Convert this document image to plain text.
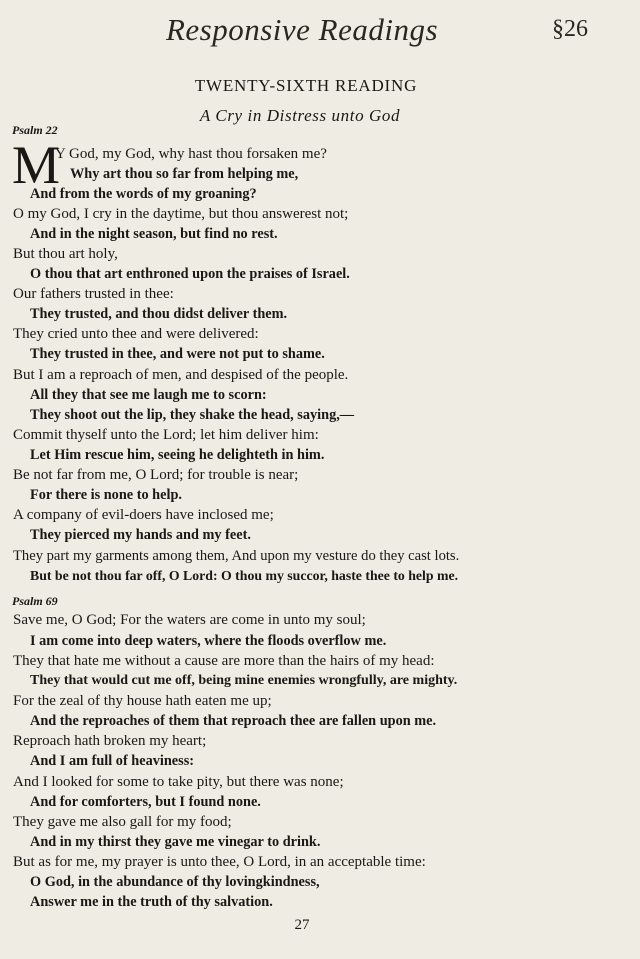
Responsive Readings	§26
TWENTY-SIXTH READING
A Cry in Distress unto God
Psalm 22
M
Y God, my God, why hast thou forsaken me?
Why art thou so far from helping me,
And from the words of my groaning?
O my God, I cry in the daytime, but thou answerest not;
And in the night season, but find no rest.
But thou art holy,
O thou that art enthroned upon the praises of Israel.
Our fathers trusted in thee:
They trusted, and thou didst deliver them.
They cried unto thee and were delivered:
They trusted in thee, and were not put to shame.
But I am a reproach of men, and despised of the people.
All they that see me laugh me to scorn:
They shoot out the lip, they shake the head, saying,—
Commit thyself unto the Lord; let him deliver him:
Let Him rescue him, seeing he delighteth in him.
Be not far from me, O Lord; for trouble is near;
For there is none to help.
A company of evil-doers have inclosed me;
They pierced my hands and my feet.
They part my garments among them, And upon my vesture do they cast lots.
But be not thou far off, O Lord: O thou my succor, haste thee to help me.
Psalm 69
Save me, O God; For the waters are come in unto my soul;
I am come into deep waters, where the floods overflow me.
They that hate me without a cause are more than the hairs of my head:
They that would cut me off, being mine enemies wrongfully, are mighty.
For the zeal of thy house hath eaten me up;
And the reproaches of them that reproach thee are fallen upon me.
Reproach hath broken my heart;
And I am full of heaviness:
And I looked for some to take pity, but there was none;
And for comforters, but I found none.
They gave me also gall for my food;
And in my thirst they gave me vinegar to drink.
But as for me, my prayer is unto thee, O Lord, in an acceptable time:
O God, in the abundance of thy lovingkindness,
Answer me in the truth of thy salvation.
27
